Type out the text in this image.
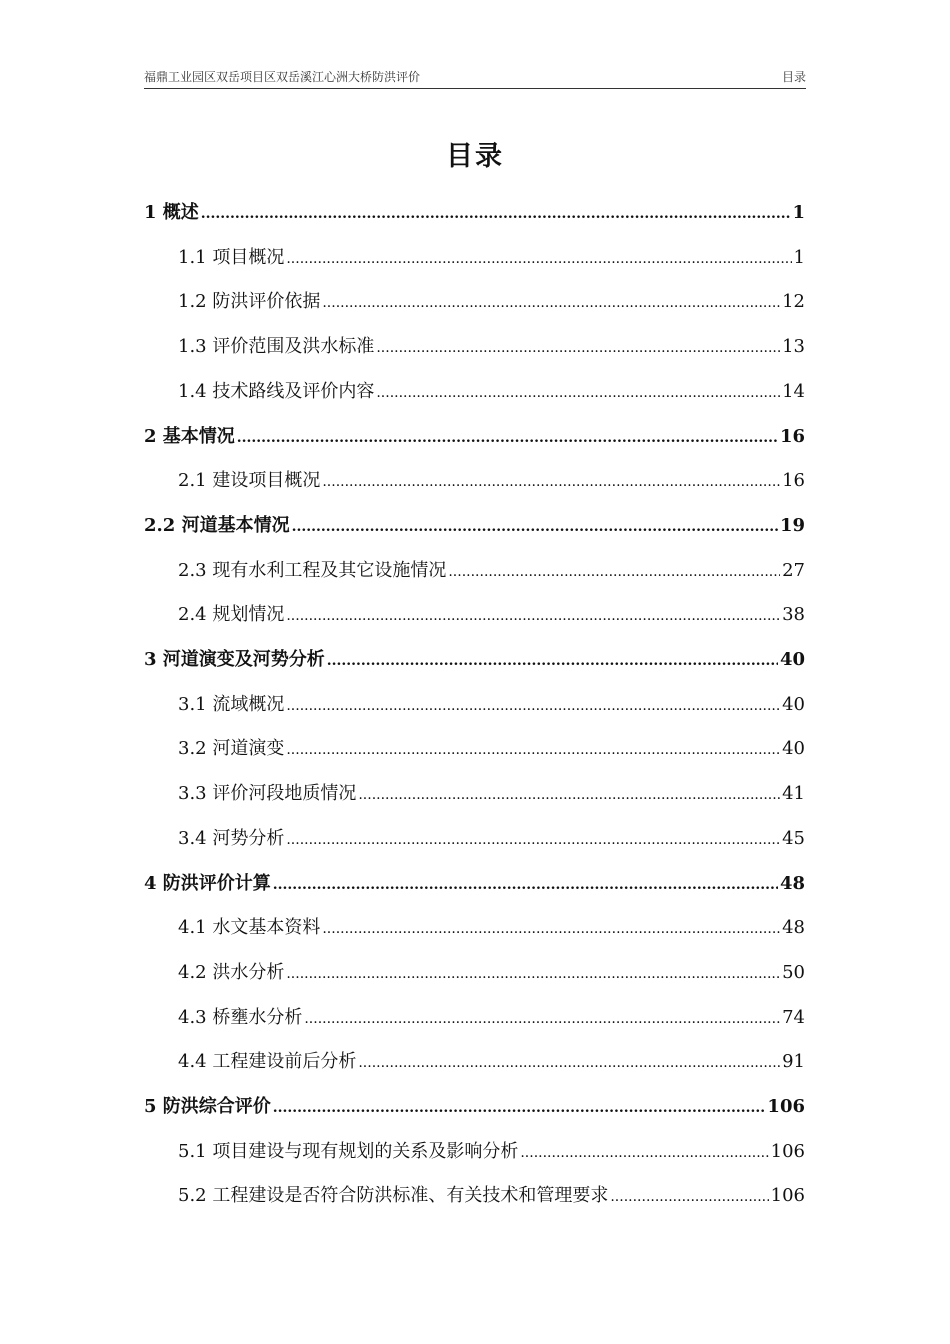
福鼎工业园区双岳项目区双岳溪江心洲大桥防洪评价	目录
目录
1 概述 .....	1
1.1 项目概况 .....	1
1.2 防洪评价依据 .....	12
1.3 评价范围及洪水标准 .....	13
1.4 技术路线及评价内容 .....	14
2 基本情况 .....	16
2.1 建设项目概况 .....	16
2.2 河道基本情况 .....	19
2.3 现有水利工程及其它设施情况 .....	27
2.4 规划情况 .....	38
3 河道演变及河势分析 .....	40
3.1 流域概况 .....	40
3.2 河道演变 .....	40
3.3 评价河段地质情况 .....	41
3.4 河势分析 .....	45
4 防洪评价计算 .....	48
4.1 水文基本资料 .....	48
4.2 洪水分析 .....	50
4.3 桥壅水分析 .....	74
4.4 工程建设前后分析 .....	91
5 防洪综合评价 .....	106
5.1 项目建设与现有规划的关系及影响分析 .....	106
5.2 工程建设是否符合防洪标准、有关技术和管理要求 .....	106
